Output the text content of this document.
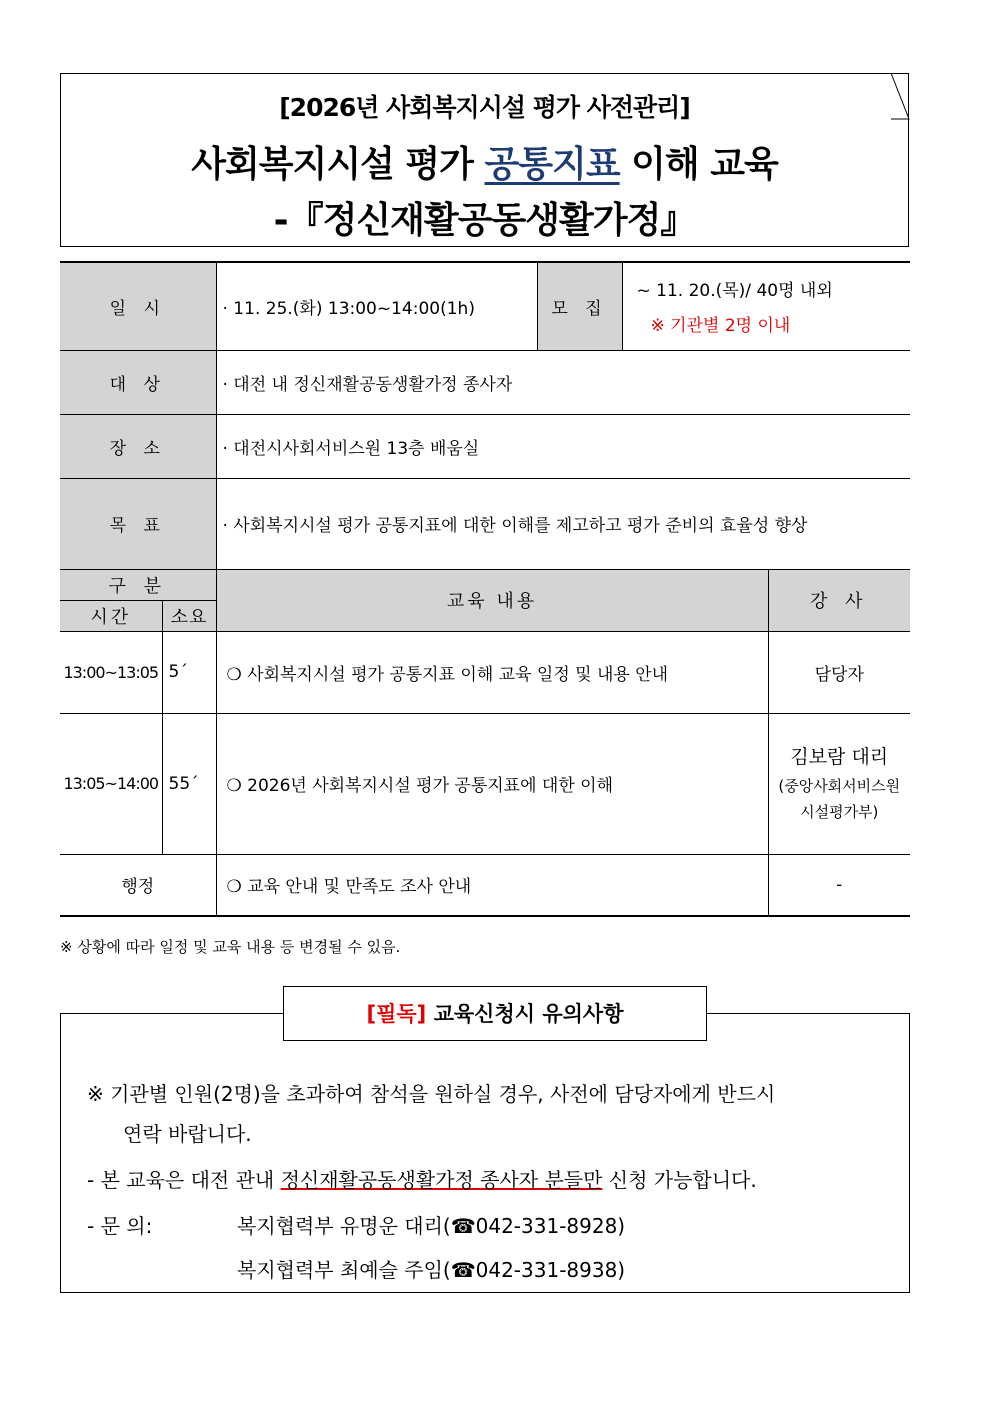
[2026년 사회복지시설 평가 사전관리]
사회복지시설 평가 공통지표 이해 교육
-『정신재활공동생활가정』
일 시		· 11. 25.(화) 13:00~14:00(1h)	모 집	~ 11. 20.(목)/ 40명 내외
※ 기관별 2명 이내	

대 상		· 대전 내 정신재활공동생활가정 종사자			
장 소		· 대전시사회서비스원 13층 배움실			
목 표		· 사회복지시설 평가 공통지표에 대한 이해를 제고하고 평가 준비의 효율성 향상			
구 분		교육 내용			강 사
시간	소요				
13:00~13:05	5´	❍ 사회복지시설 평가 공통지표 이해 교육 일정 및 내용 안내			담당자
13:05~14:00	55´	❍ 2026년 사회복지시설 평가 공통지표에 대한 이해			김보람 대리
(중앙사회서비스원 시설평가부)

행정		❍ 교육 안내 및 만족도 조사 안내			-
※ 상황에 따라 일정 및 교육 내용 등 변경될 수 있음.
※ 기관별 인원(2명)을 초과하여 참석을 원하실 경우, 사전에 담당자에게 반드시
연락 바랍니다.
- 본 교육은 대전 관내 정신재활공동생활가정 종사자 분들만 신청 가능합니다.
- 문 의:	복지협력부 유명운 대리(☎042-331-8928)
복지협력부 최예슬 주임(☎042-331-8938)
[필독] 교육신청시 유의사항
